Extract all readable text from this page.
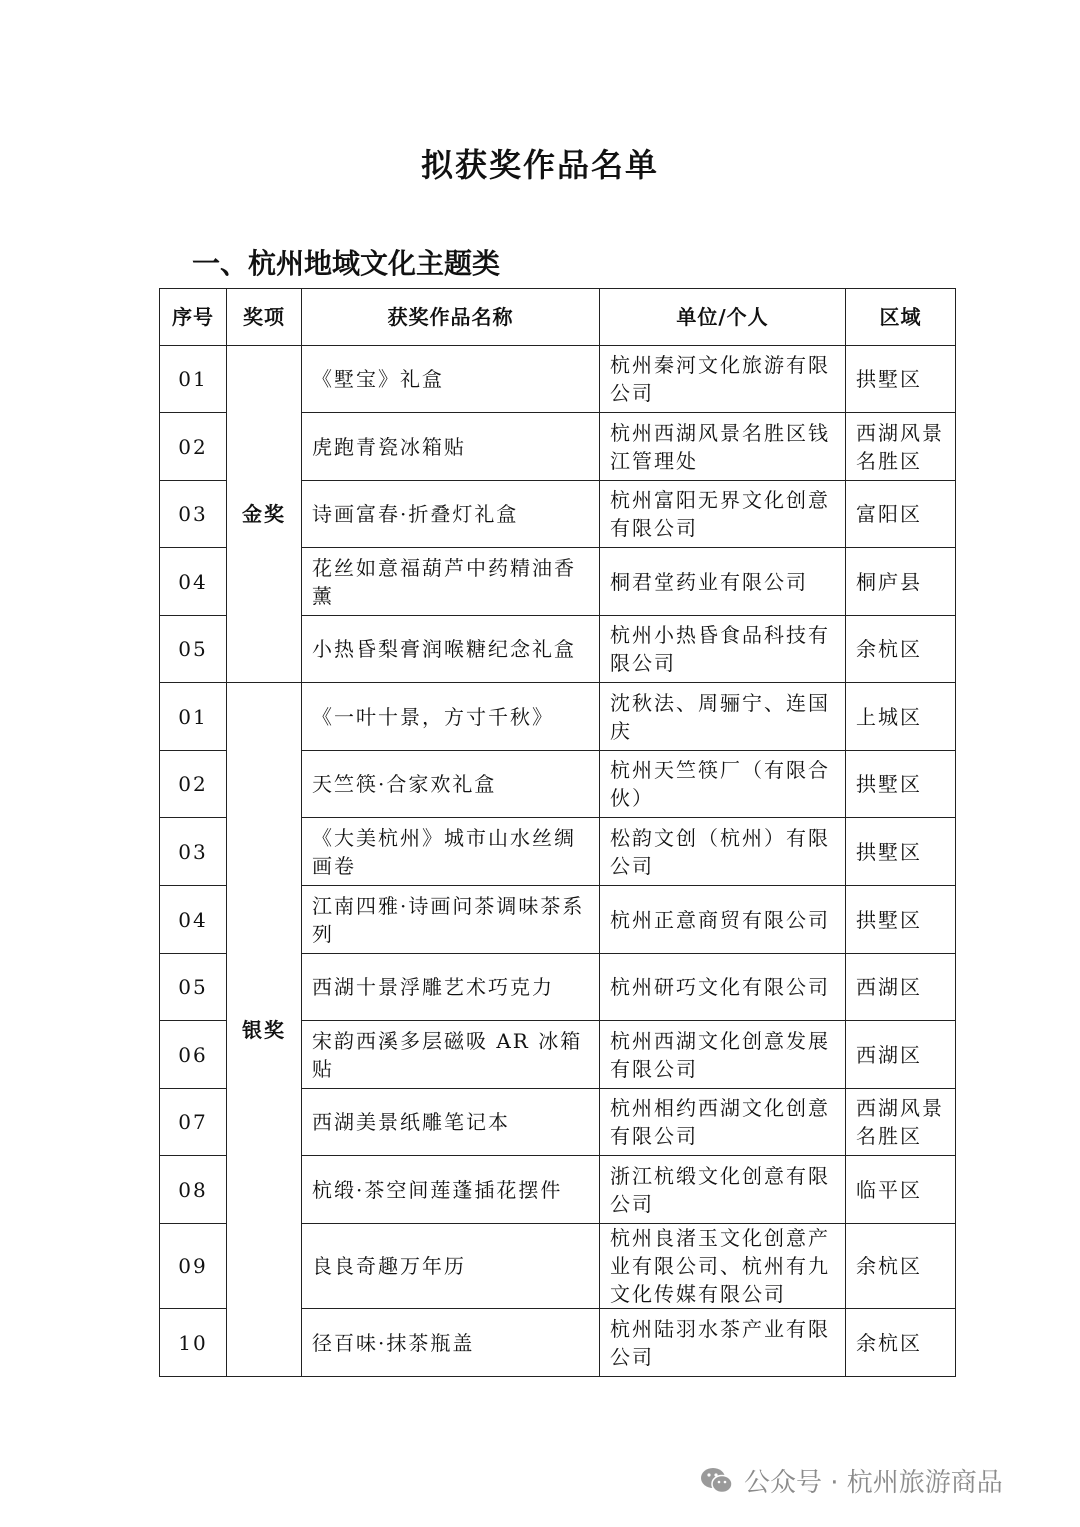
拟获奖作品名单
一、杭州地域文化主题类
序号	奖项	获奖作品名称	单位/个人	区域
01	金奖	《墅宝》礼盒	杭州秦河文化旅游有限公司	拱墅区
02		虎跑青瓷冰箱贴	杭州西湖风景名胜区钱江管理处	西湖风景名胜区
03		诗画富春·折叠灯礼盒	杭州富阳无界文化创意有限公司	富阳区
04		花丝如意福葫芦中药精油香薰	桐君堂药业有限公司	桐庐县
05		小热昏梨膏润喉糖纪念礼盒	杭州小热昏食品科技有限公司	余杭区
01	银奖	《一叶十景，方寸千秋》	沈秋法、周骊宁、连国庆	上城区
02		天竺筷·合家欢礼盒	杭州天竺筷厂（有限合伙）	拱墅区
03		《大美杭州》城市山水丝绸画卷	松韵文创（杭州）有限公司	拱墅区
04		江南四雅·诗画问茶调味茶系列	杭州正意商贸有限公司	拱墅区
05		西湖十景浮雕艺术巧克力	杭州研巧文化有限公司	西湖区
06		宋韵西溪多层磁吸 AR 冰箱贴	杭州西湖文化创意发展有限公司	西湖区
07		西湖美景纸雕笔记本	杭州相约西湖文化创意有限公司	西湖风景名胜区
08		杭缎·茶空间莲蓬插花摆件	浙江杭缎文化创意有限公司	临平区
09		良良奇趣万年历	杭州良渚玉文化创意产业有限公司、杭州有九文化传媒有限公司	余杭区
10		径百味·抹茶瓶盖	杭州陆羽水茶产业有限公司	余杭区
公众号 · 杭州旅游商品
